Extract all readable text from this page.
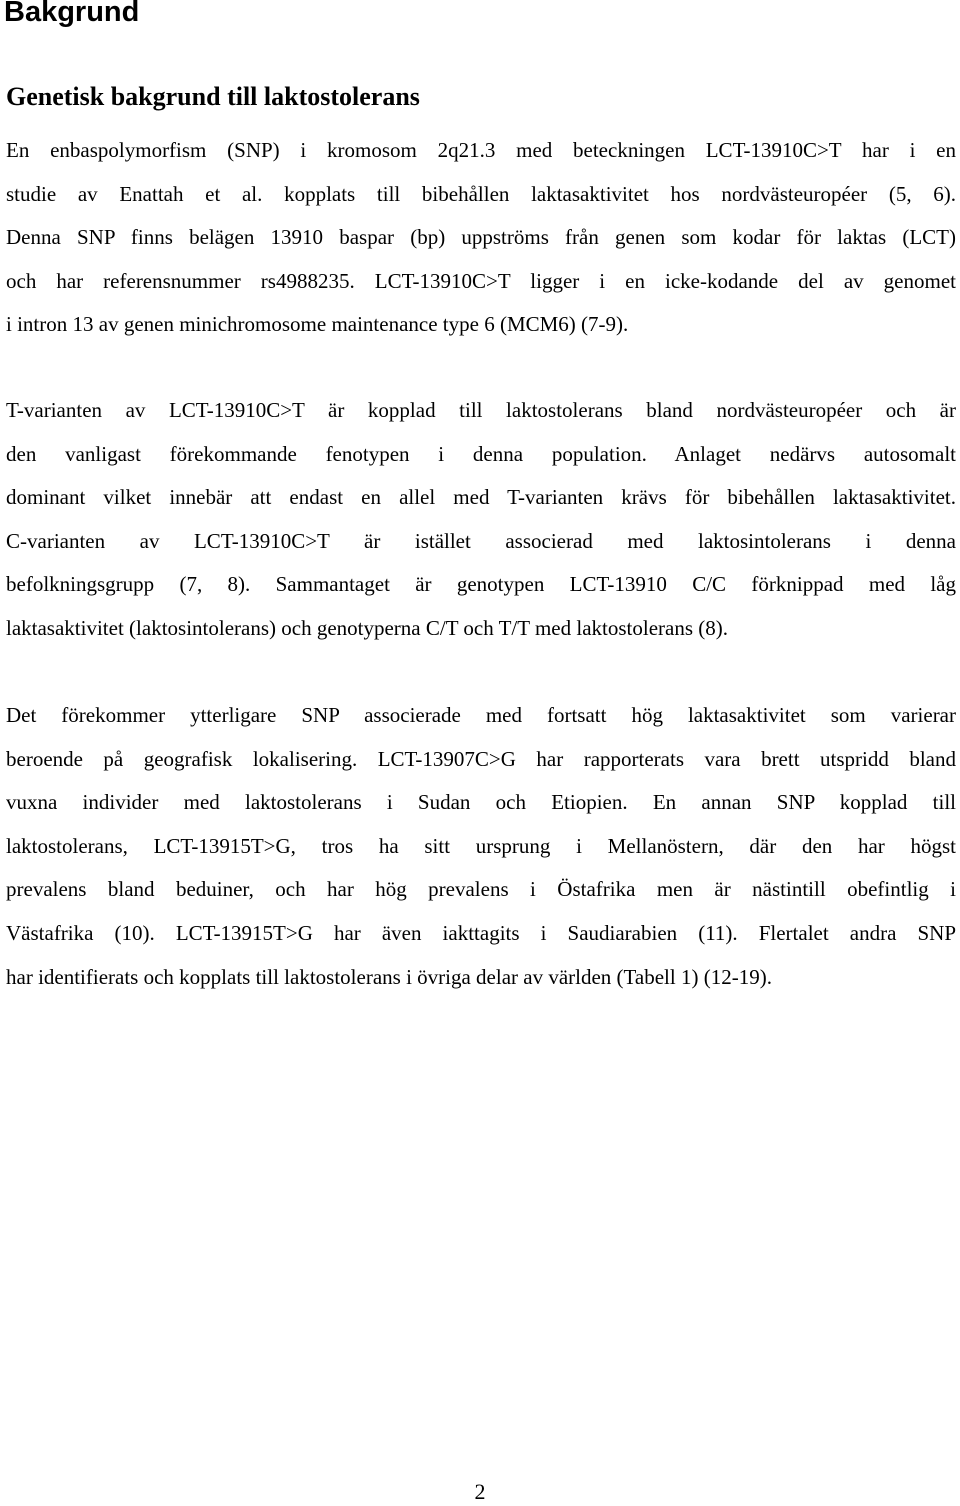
Bakgrund
Genetisk bakgrund till laktostolerans
En enbaspolymorfism (SNP) i kromosom 2q21.3 med beteckningen LCT-13910C>T har i en
studie av Enattah et al. kopplats till bibehållen laktasaktivitet hos nordvästeuropéer (5, 6).
Denna SNP finns belägen 13910 baspar (bp) uppströms från genen som kodar för laktas (LCT)
och har referensnummer rs4988235. LCT-13910C>T ligger i en icke-kodande del av genomet
i intron 13 av genen minichromosome maintenance type 6 (MCM6) (7-9).
T-varianten av LCT-13910C>T är kopplad till laktostolerans bland nordvästeuropéer och är
den vanligast förekommande fenotypen i denna population. Anlaget nedärvs autosomalt
dominant vilket innebär att endast en allel med T-varianten krävs för bibehållen laktasaktivitet.
C-varianten av LCT-13910C>T är istället associerad med laktosintolerans i denna
befolkningsgrupp (7, 8). Sammantaget är genotypen LCT-13910 C/C förknippad med låg
laktasaktivitet (laktosintolerans) och genotyperna C/T och T/T med laktostolerans (8).
Det förekommer ytterligare SNP associerade med fortsatt hög laktasaktivitet som varierar
beroende på geografisk lokalisering. LCT-13907C>G har rapporterats vara brett utspridd bland
vuxna individer med laktostolerans i Sudan och Etiopien. En annan SNP kopplad till
laktostolerans, LCT-13915T>G, tros ha sitt ursprung i Mellanöstern, där den har högst
prevalens bland beduiner, och har hög prevalens i Östafrika men är nästintill obefintlig i
Västafrika (10). LCT-13915T>G har även iakttagits i Saudiarabien (11). Flertalet andra SNP
har identifierats och kopplats till laktostolerans i övriga delar av världen (Tabell 1) (12-19).
2
